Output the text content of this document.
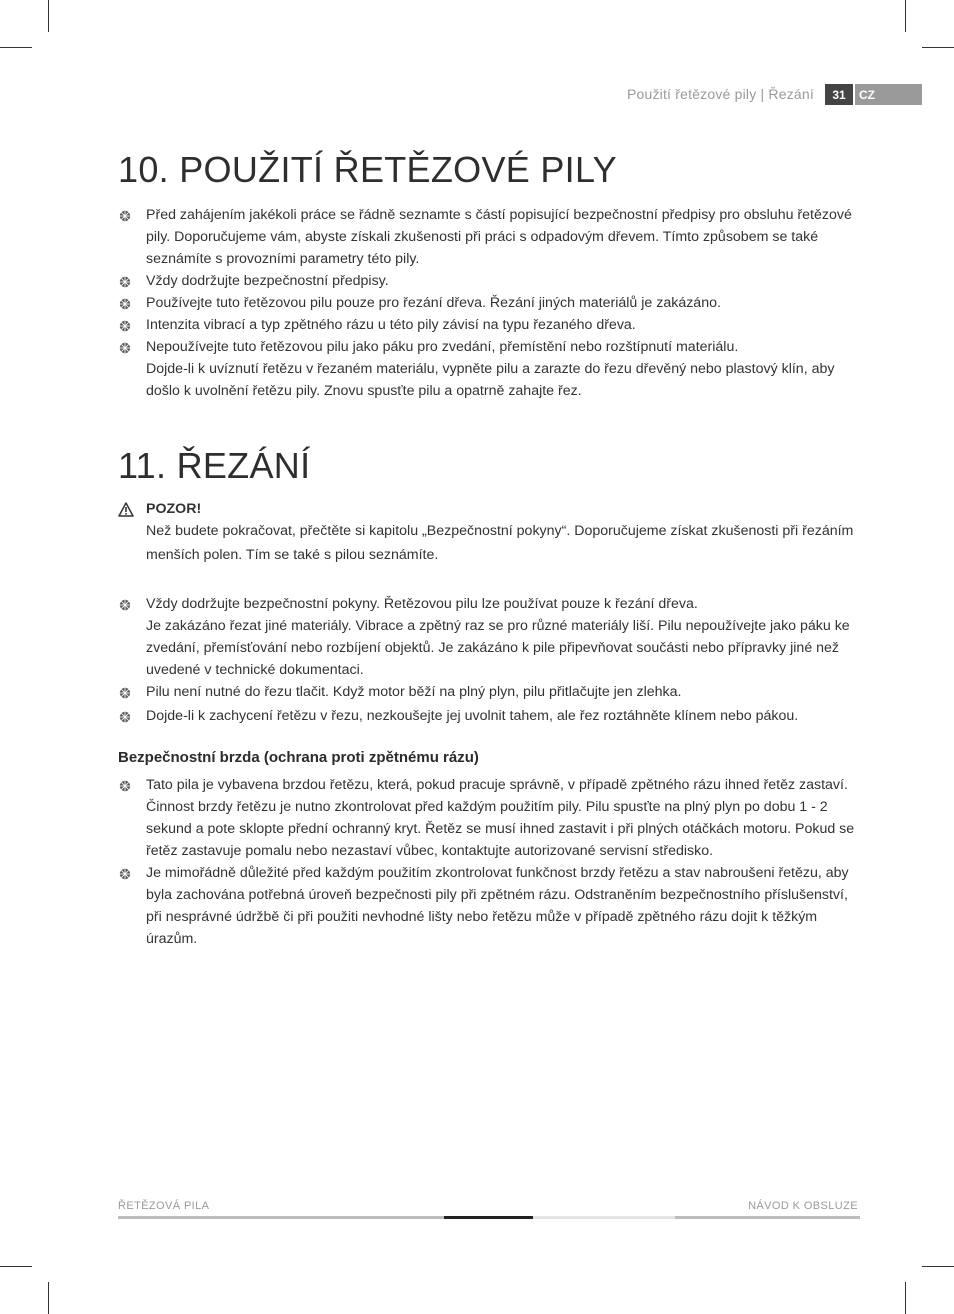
Použití řetězové pily | Řezání	31	CZ
10. POUŽITÍ ŘETĚZOVÉ PILY
Před zahájením jakékoli práce se řádně seznamte s částí popisující bezpečnostní předpisy pro obsluhu řetězové pily. Doporučujeme vám, abyste získali zkušenosti při práci s odpadovým dřevem. Tímto způsobem se také seznámíte s provozními parametry této pily.
Vždy dodržujte bezpečnostní předpisy.
Používejte tuto řetězovou pilu pouze pro řezání dřeva. Řezání jiných materiálů je zakázáno.
Intenzita vibrací a typ zpětného rázu u této pily závisí na typu řezaného dřeva.
Nepoužívejte tuto řetězovou pilu jako páku pro zvedání, přemístění nebo rozštípnutí materiálu.
Dojde-li k uvíznutí řetězu v řezaném materiálu, vypněte pilu a zarazte do řezu dřevěný nebo plastový klín, aby došlo k uvolnění řetězu pily. Znovu spusťte pilu a opatrně zahajte řez.
11. ŘEZÁNÍ
POZOR!
Než budete pokračovat, přečtěte si kapitolu „Bezpečnostní pokyny“. Doporučujeme získat zkušenosti při řezáním menších polen. Tím se také s pilou seznámíte.
Vždy dodržujte bezpečnostní pokyny. Řetězovou pilu lze používat pouze k řezání dřeva.
Je zakázáno řezat jiné materiály. Vibrace a zpětný raz se pro různé materiály liší. Pilu nepoužívejte jako páku ke zvedání, přemísťování nebo rozbíjení objektů. Je zakázáno k pile připevňovat součásti nebo přípravky jiné než uvedené v technické dokumentaci.
Pilu není nutné do řezu tlačit. Když motor běží na plný plyn, pilu přitlačujte jen zlehka.
Dojde-li k zachycení řetězu v řezu, nezkoušejte jej uvolnit tahem, ale řez roztáhněte klínem nebo pákou.
Bezpečnostní brzda (ochrana proti zpětnému rázu)
Tato pila je vybavena brzdou řetězu, která, pokud pracuje správně, v případě zpětného rázu ihned řetěz zastaví. Činnost brzdy řetězu je nutno zkontrolovat před každým použitím pily. Pilu spusťte na plný plyn po dobu 1 - 2 sekund a pote sklopte přední ochranný kryt. Řetěz se musí ihned zastavit i při plných otáčkách motoru. Pokud se řetěz zastavuje pomalu nebo nezastaví vůbec, kontaktujte autorizované servisní středisko.
Je mimořádně důležité před každým použitím zkontrolovat funkčnost brzdy řetězu a stav nabroušeni řetězu, aby byla zachována potřebná úroveň bezpečnosti pily při zpětném rázu. Odstraněním bezpečnostního příslušenství, při nesprávné údržbě či při použiti nevhodné lišty nebo řetězu může v případě zpětného rázu dojit k těžkým úrazům.
ŘETĚZOVÁ PILA	NÁVOD K OBSLUZE
